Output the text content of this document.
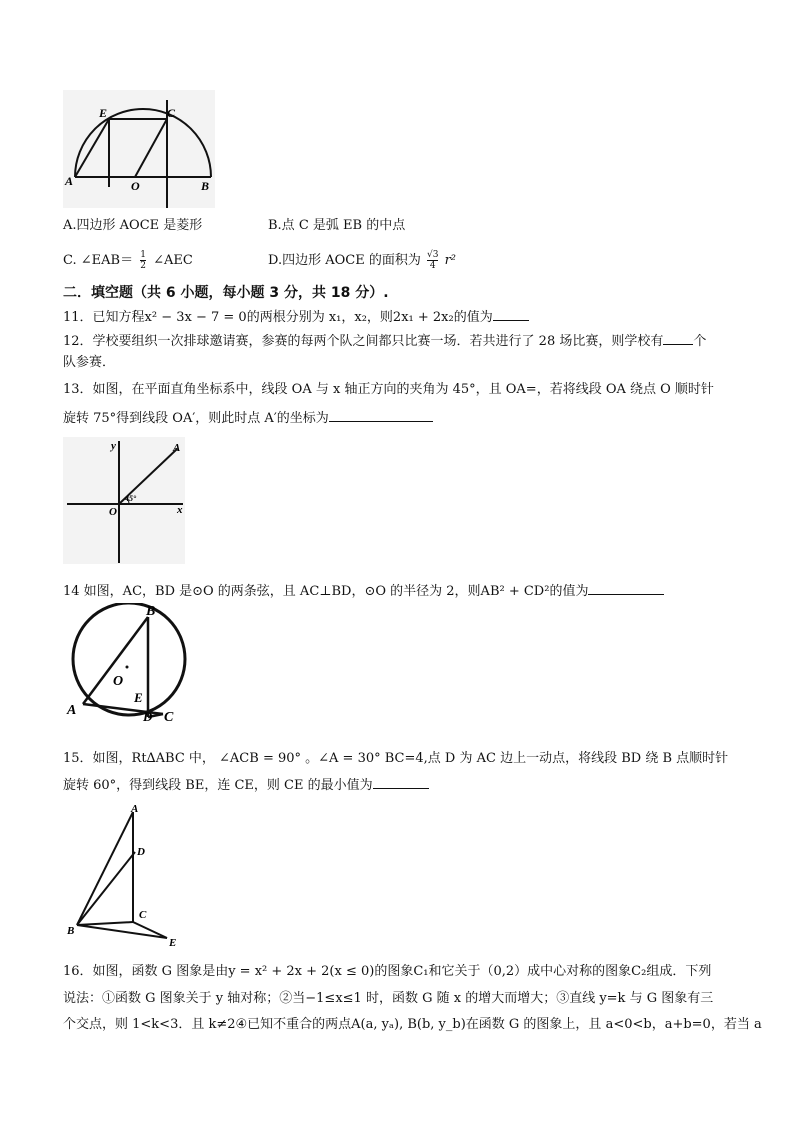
E	C
A	O	B
A.四边形 AOCE 是菱形	B.点 C 是弧 EB 的中点
C. ∠EAB＝ $\frac{1}{2}$ ∠AEC	D.四边形 AOCE 的面积为 $\frac{√3}{4} r^2$
二．填空题（共 6 小题，每小题 3 分，共 18 分）.
11．已知方程x² − 3x − 7 = 0的两根分别为 x₁，x₂，则2x₁ + 2x₂的值为
12．学校要组织一次排球邀请赛，参赛的每两个队之间都只比赛一场．若共进行了 28 场比赛，则学校有 个
队参赛．
13．如图，在平面直角坐标系中，线段 OA 与 x 轴正方向的夹角为 45°，且 OA=，若将线段 OA 绕点 O 顺时针
旋转 75°得到线段 OA′，则此时点 A′的坐标为
y	A
O	x
45°
14 如图，AC，BD 是⊙O 的两条弦，且 AC⊥BD，⊙O 的半径为 2，则AB² + CD²的值为
B
O
E
A	C
D
15．如图，Rt∆ABC 中， ∠ACB = 90° 。∠A = 30° BC=4,点 D 为 AC 边上一动点，将线段 BD 绕 B 点顺时针
旋转 60°，得到线段 BE，连 CE，则 CE 的最小值为
A
D
C
B
E
16．如图，函数 G 图象是由y = x² + 2x + 2(x ≤ 0)的图象C₁和它关于（0,2）成中心对称的图象C₂组成．下列
说法：①函数 G 图象关于 y 轴对称；②当−1≤x≤1 时，函数 G 随 x 的增大而增大；③直线 y=k 与 G 图象有三
个交点，则 1<k<3．且 k≠2④已知不重合的两点A(a, yₐ), B(b, y_b)在函数 G 的图象上，且 a<0<b，a+b=0，若当 a
